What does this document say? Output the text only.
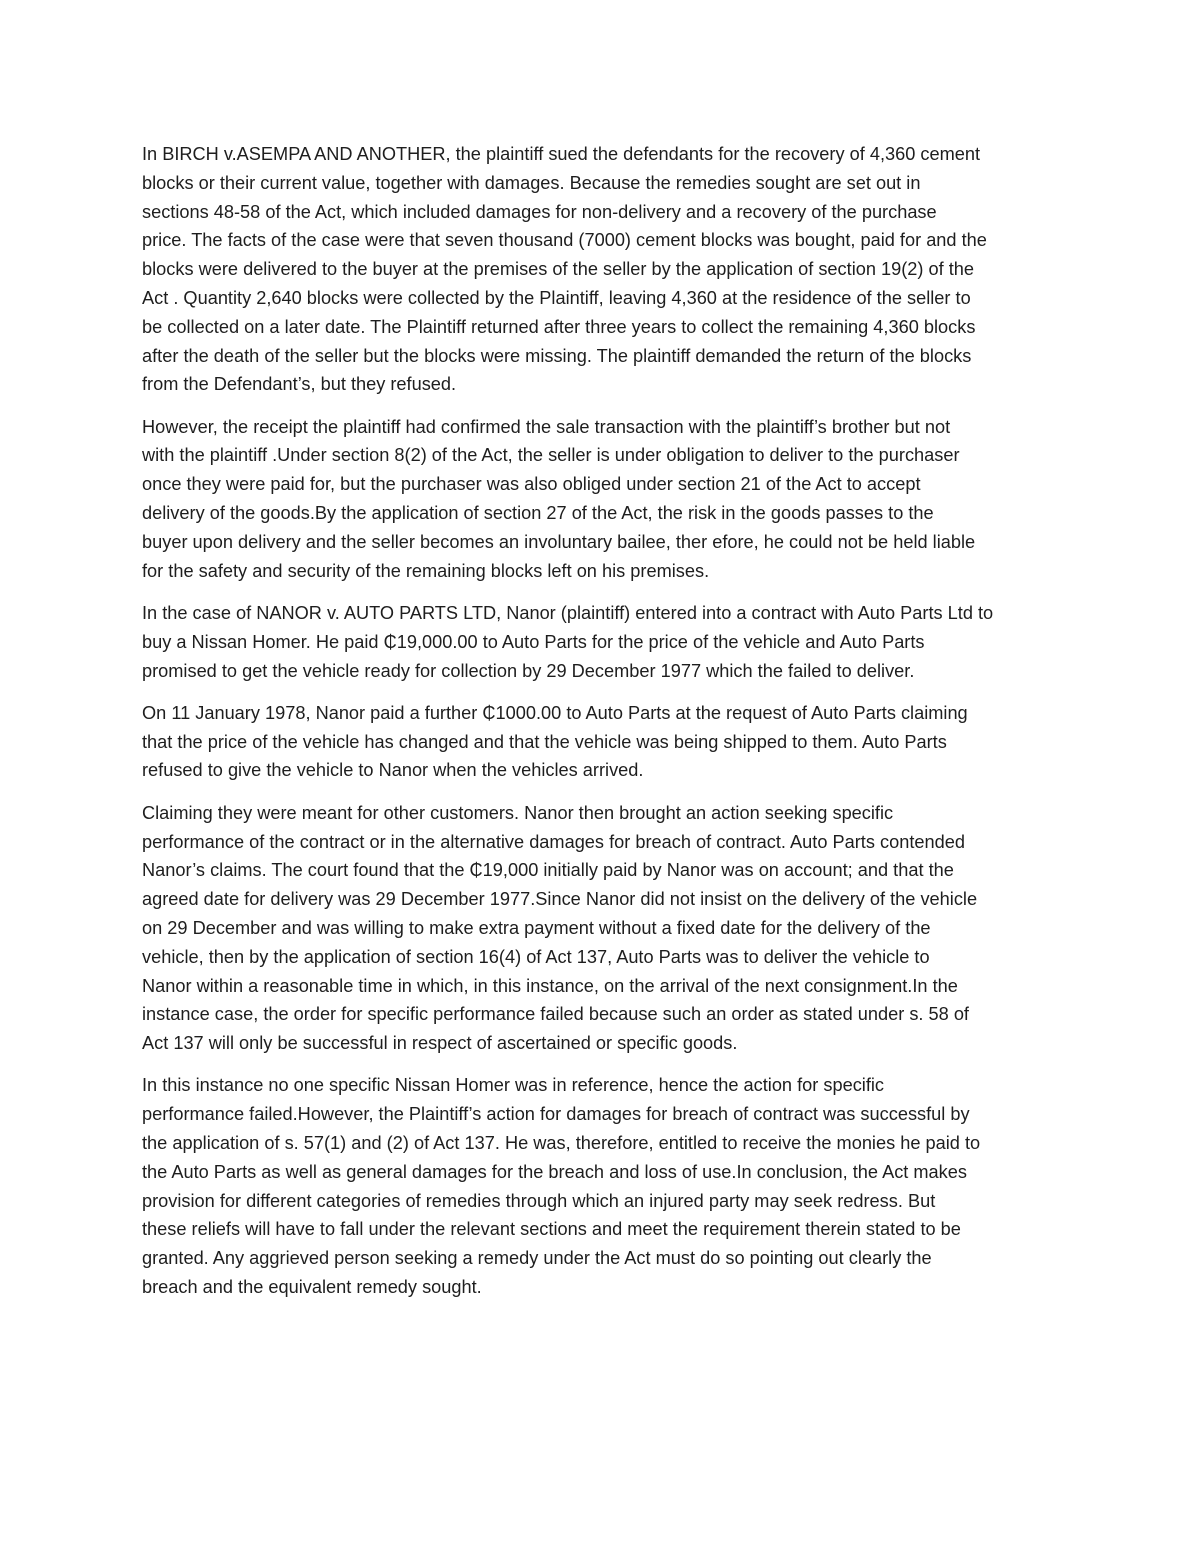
In BIRCH v.ASEMPA AND ANOTHER, the plaintiff sued the defendants for the recovery of 4,360 cement
blocks or their current value, together with damages. Because the remedies sought are set out in
sections 48-58 of the Act, which included damages for non-delivery and a recovery of the purchase
price. The facts of the case were that seven thousand (7000) cement blocks was bought, paid for and the
blocks were delivered to the buyer at the premises of the seller by the application of section 19(2) of the
Act . Quantity 2,640 blocks were collected by the Plaintiff, leaving 4,360 at the residence of the seller to
be collected on a later date. The Plaintiff returned after three years to collect the remaining 4,360 blocks
after the death of the seller but the blocks were missing. The plaintiff demanded the return of the blocks
from the Defendant’s, but they refused.

However, the receipt the plaintiff had confirmed the sale transaction with the plaintiff’s brother but not
with the plaintiff .Under section 8(2) of the Act, the seller is under obligation to deliver to the purchaser
once they were paid for, but the purchaser was also obliged under section 21 of the Act to accept
delivery of the goods.By the application of section 27 of the Act, the risk in the goods passes to the
buyer upon delivery and the seller becomes an involuntary bailee, ther efore, he could not be held liable
for the safety and security of the remaining blocks left on his premises.

In the case of NANOR v. AUTO PARTS LTD, Nanor (plaintiff) entered into a contract with Auto Parts Ltd to
buy a Nissan Homer. He paid ₵19,000.00 to Auto Parts for the price of the vehicle and Auto Parts
promised to get the vehicle ready for collection by 29 December 1977 which the failed to deliver.

On 11 January 1978, Nanor paid a further ₵1000.00 to Auto Parts at the request of Auto Parts claiming
that the price of the vehicle has changed and that the vehicle was being shipped to them. Auto Parts
refused to give the vehicle to Nanor when the vehicles arrived.

Claiming they were meant for other customers. Nanor then brought an action seeking specific
performance of the contract or in the alternative damages for breach of contract. Auto Parts contended
Nanor’s claims. The court found that the ₵19,000 initially paid by Nanor was on account; and that the
agreed date for delivery was 29 December 1977.Since Nanor did not insist on the delivery of the vehicle
on 29 December and was willing to make extra payment without a fixed date for the delivery of the
vehicle, then by the application of section 16(4) of Act 137, Auto Parts was to deliver the vehicle to
Nanor within a reasonable time in which, in this instance, on the arrival of the next consignment.In the
instance case, the order for specific performance failed because such an order as stated under s. 58 of
Act 137 will only be successful in respect of ascertained or specific goods.

In this instance no one specific Nissan Homer was in reference, hence the action for specific
performance failed.However, the Plaintiff’s action for damages for breach of contract was successful by
the application of s. 57(1) and (2) of Act 137. He was, therefore, entitled to receive the monies he paid to
the Auto Parts as well as general damages for the breach and loss of use.In conclusion, the Act makes
provision for different categories of remedies through which an injured party may seek redress. But
these reliefs will have to fall under the relevant sections and meet the requirement therein stated to be
granted. Any aggrieved person seeking a remedy under the Act must do so pointing out clearly the
breach and the equivalent remedy sought.
